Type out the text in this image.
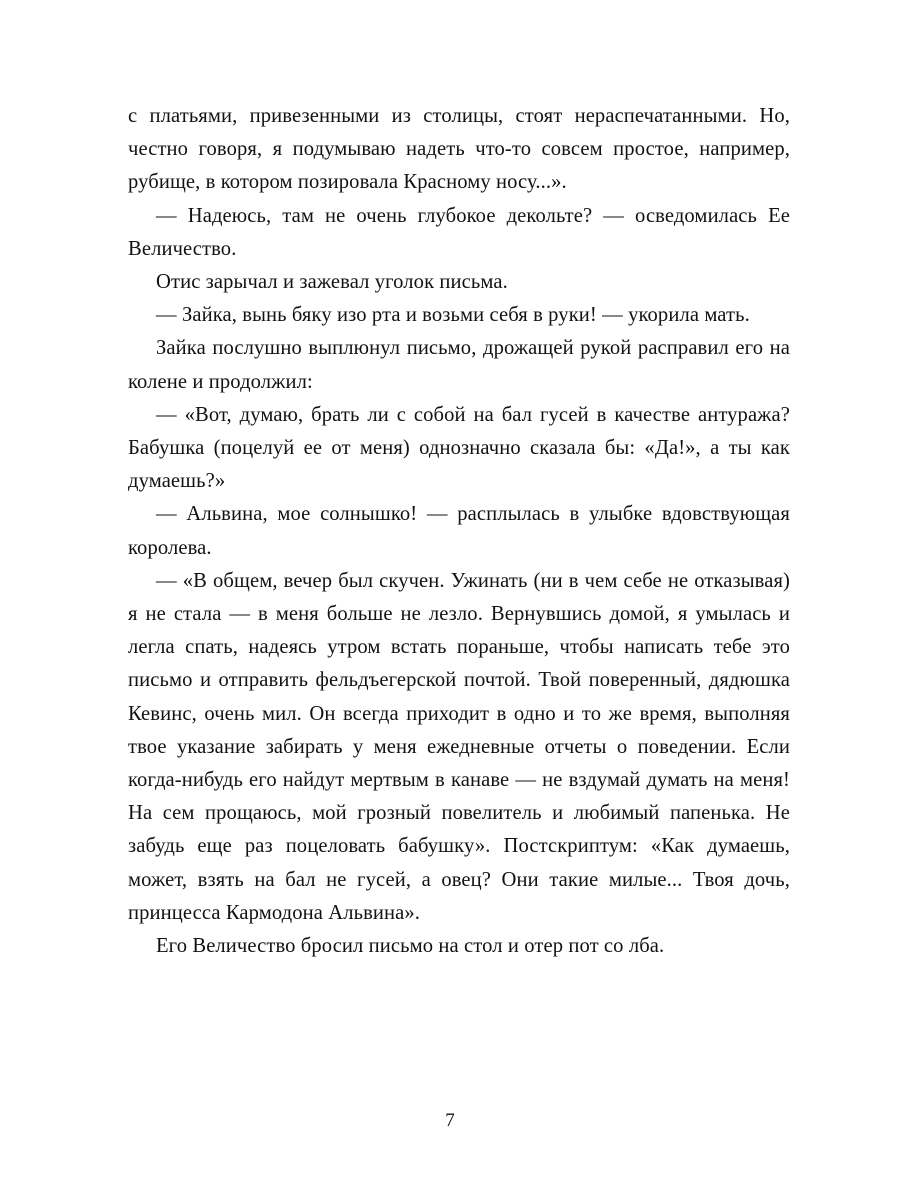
с платьями, привезенными из столицы, стоят нераспечатанными. Но, честно говоря, я подумываю надеть что-то совсем простое, например, рубище, в котором позировала Красному носу...».

— Надеюсь, там не очень глубокое декольте? — осведомилась Ее Величество.

Отис зарычал и зажевал уголок письма.

— Зайка, вынь бяку изо рта и возьми себя в руки! — укорила мать.

Зайка послушно выплюнул письмо, дрожащей рукой расправил его на колене и продолжил:

— «Вот, думаю, брать ли с собой на бал гусей в качестве антуража? Бабушка (поцелуй ее от меня) однозначно сказала бы: «Да!», а ты как думаешь?»

— Альвина, мое солнышко! — расплылась в улыбке вдовствующая королева.

— «В общем, вечер был скучен. Ужинать (ни в чем себе не отказывая) я не стала — в меня больше не лезло. Вернувшись домой, я умылась и легла спать, надеясь утром встать пораньше, чтобы написать тебе это письмо и отправить фельдъегерской почтой. Твой поверенный, дядюшка Кевинс, очень мил. Он всегда приходит в одно и то же время, выполняя твое указание забирать у меня ежедневные отчеты о поведении. Если когда-нибудь его найдут мертвым в канаве — не вздумай думать на меня! На сем прощаюсь, мой грозный повелитель и любимый папенька. Не забудь еще раз поцеловать бабушку». Постскриптум: «Как думаешь, может, взять на бал не гусей, а овец? Они такие милые... Твоя дочь, принцесса Кармодона Альвина».

Его Величество бросил письмо на стол и отер пот со лба.

7
